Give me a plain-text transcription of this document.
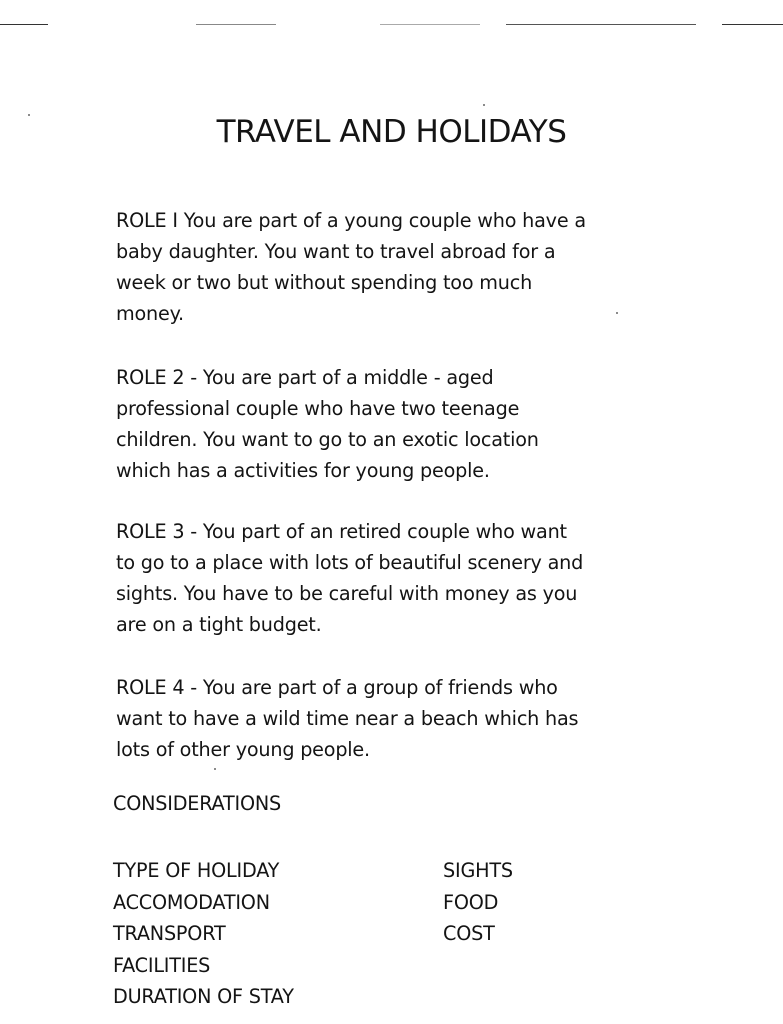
TRAVEL AND HOLIDAYS

ROLE I You are part of a young couple who have a
baby daughter. You want to travel abroad for a
week or two but without spending too much
money.

ROLE 2 - You are part of a middle - aged
professional couple who have two teenage
children. You want to go to an exotic location
which has a activities for young people.

ROLE 3 - You part of an retired couple who want
to go to a place with lots of beautiful scenery and
sights. You have to be careful with money as you
are on a tight budget.

ROLE 4 - You are part of a group of friends who
want to have a wild time near a beach which has
lots of other young people.

CONSIDERATIONS
TYPE OF HOLIDAY
ACCOMODATION
TRANSPORT
FACILITIES
DURATION OF STAY
SIGHTS
FOOD
COST
